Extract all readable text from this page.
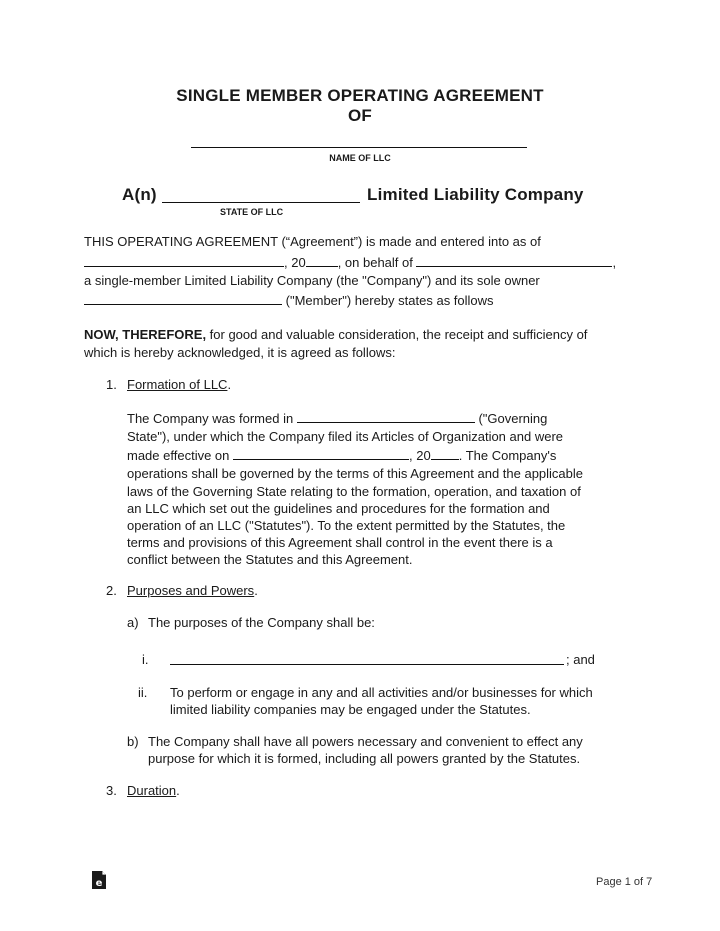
SINGLE MEMBER OPERATING AGREEMENT
OF
NAME OF LLC
A(n)	Limited Liability Company
STATE OF LLC
THIS OPERATING AGREEMENT (“Agreement”) is made and entered into as of
, 20 , on behalf of	,
a single-member Limited Liability Company (the "Company") and its sole owner
("Member") hereby states as follows
NOW, THEREFORE, for good and valuable consideration, the receipt and sufficiency of
which is hereby acknowledged, it is agreed as follows:
1. Formation of LLC.
The Company was formed in	("Governing
State"), under which the Company filed its Articles of Organization and were
made effective on	, 20 . The Company's
operations shall be governed by the terms of this Agreement and the applicable
laws of the Governing State relating to the formation, operation, and taxation of
an LLC which set out the guidelines and procedures for the formation and
operation of an LLC ("Statutes"). To the extent permitted by the Statutes, the
terms and provisions of this Agreement shall control in the event there is a
conflict between the Statutes and this Agreement.
2. Purposes and Powers.
a) The purposes of the Company shall be:
i.	; and
ii. To perform or engage in any and all activities and/or businesses for which
limited liability companies may be engaged under the Statutes.
b) The Company shall have all powers necessary and convenient to effect any
purpose for which it is formed, including all powers granted by the Statutes.
3. Duration.
e	Page 1 of 7
